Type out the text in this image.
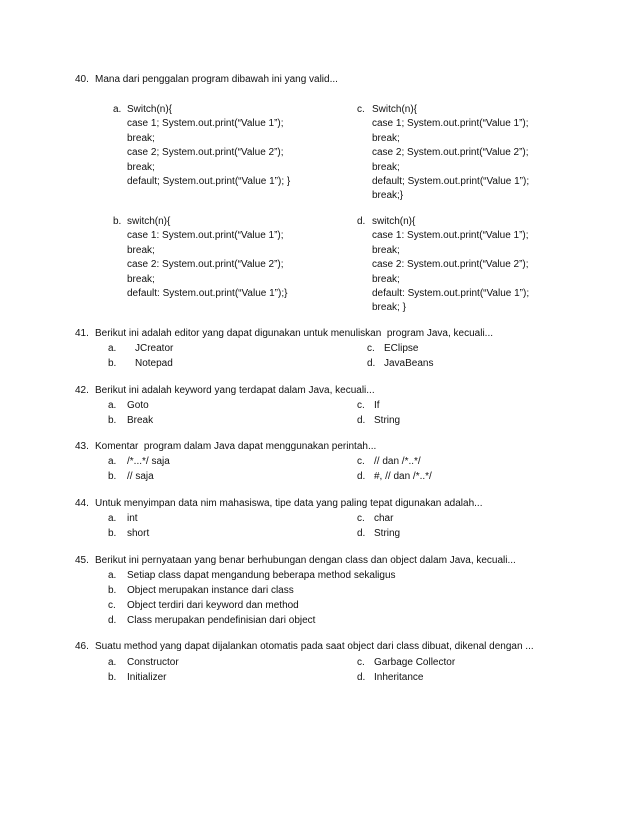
40. Mana dari penggalan program dibawah ini yang valid...
a. Switch(n){
case 1; System.out.print(“Value 1”);
break;
case 2; System.out.print(“Value 2”);
break;
default; System.out.print(“Value 1”); }
c. Switch(n){
case 1; System.out.print(“Value 1”);
break;
case 2; System.out.print(“Value 2”);
break;
default; System.out.print(“Value 1”);
break;}
b. switch(n){
case 1: System.out.print(“Value 1”);
break;
case 2: System.out.print(“Value 2”);
break;
default: System.out.print(“Value 1”);}
d. switch(n){
case 1: System.out.print(“Value 1”);
break;
case 2: System.out.print(“Value 2”);
break;
default: System.out.print(“Value 1”);
break; }
41. Berikut ini adalah editor yang dapat digunakan untuk menuliskan  program Java, kecuali...
a. JCreator	c. EClipse
b. Notepad	d. JavaBeans
42. Berikut ini adalah keyword yang terdapat dalam Java, kecuali...
a. Goto	c. If
b. Break	d. String
43. Komentar  program dalam Java dapat menggunakan perintah...
a. /*...*/ saja	c. // dan /*..*/
b. // saja	d. #, // dan /*..*/
44. Untuk menyimpan data nim mahasiswa, tipe data yang paling tepat digunakan adalah...
a. int	c. char
b. short	d. String
45. Berikut ini pernyataan yang benar berhubungan dengan class dan object dalam Java, kecuali...
a. Setiap class dapat mengandung beberapa method sekaligus
b. Object merupakan instance dari class
c. Object terdiri dari keyword dan method
d. Class merupakan pendefinisian dari object
46. Suatu method yang dapat dijalankan otomatis pada saat object dari class dibuat, dikenal dengan ...
a. Constructor	c. Garbage Collector
b. Initializer	d. Inheritance
